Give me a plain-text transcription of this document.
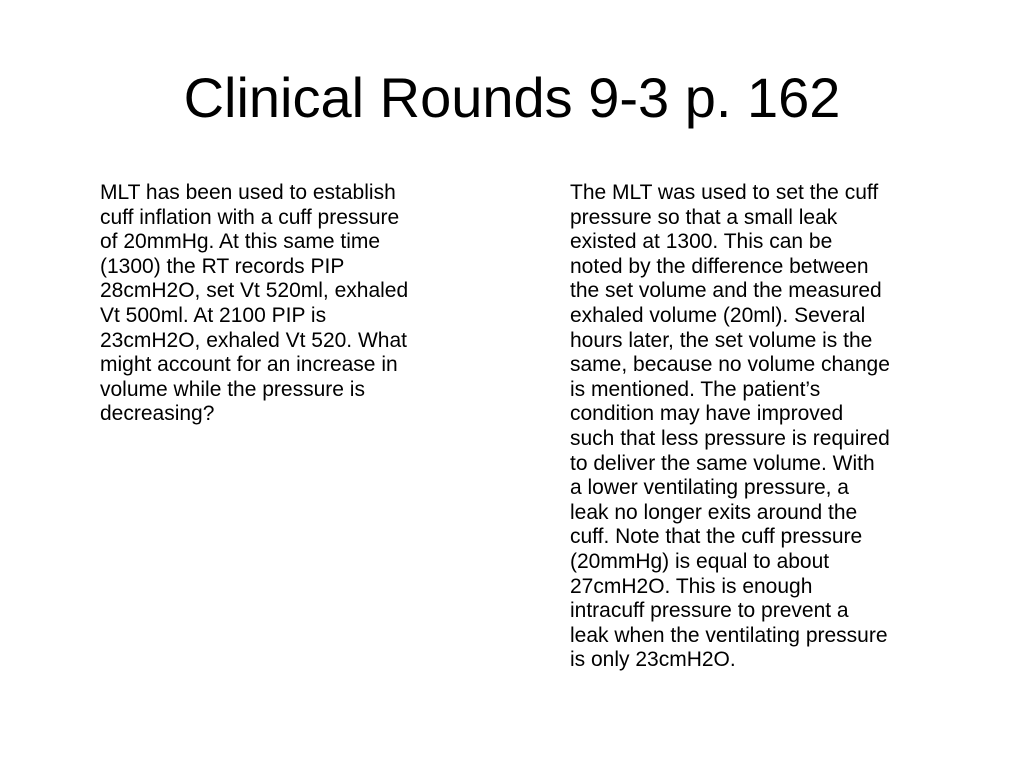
Clinical Rounds 9-3 p. 162

MLT has been used to establish
cuff inflation with a cuff pressure
of 20mmHg. At this same time
(1300) the RT records PIP
28cmH2O, set Vt 520ml, exhaled
Vt 500ml. At 2100 PIP is
23cmH2O, exhaled Vt 520. What
might account for an increase in
volume while the pressure is
decreasing?

The MLT was used to set the cuff
pressure so that a small leak
existed at 1300. This can be
noted by the difference between
the set volume and the measured
exhaled volume (20ml). Several
hours later, the set volume is the
same, because no volume change
is mentioned. The patient’s
condition may have improved
such that less pressure is required
to deliver the same volume. With
a lower ventilating pressure, a
leak no longer exits around the
cuff. Note that the cuff pressure
(20mmHg) is equal to about
27cmH2O. This is enough
intracuff pressure to prevent a
leak when the ventilating pressure
is only 23cmH2O.
